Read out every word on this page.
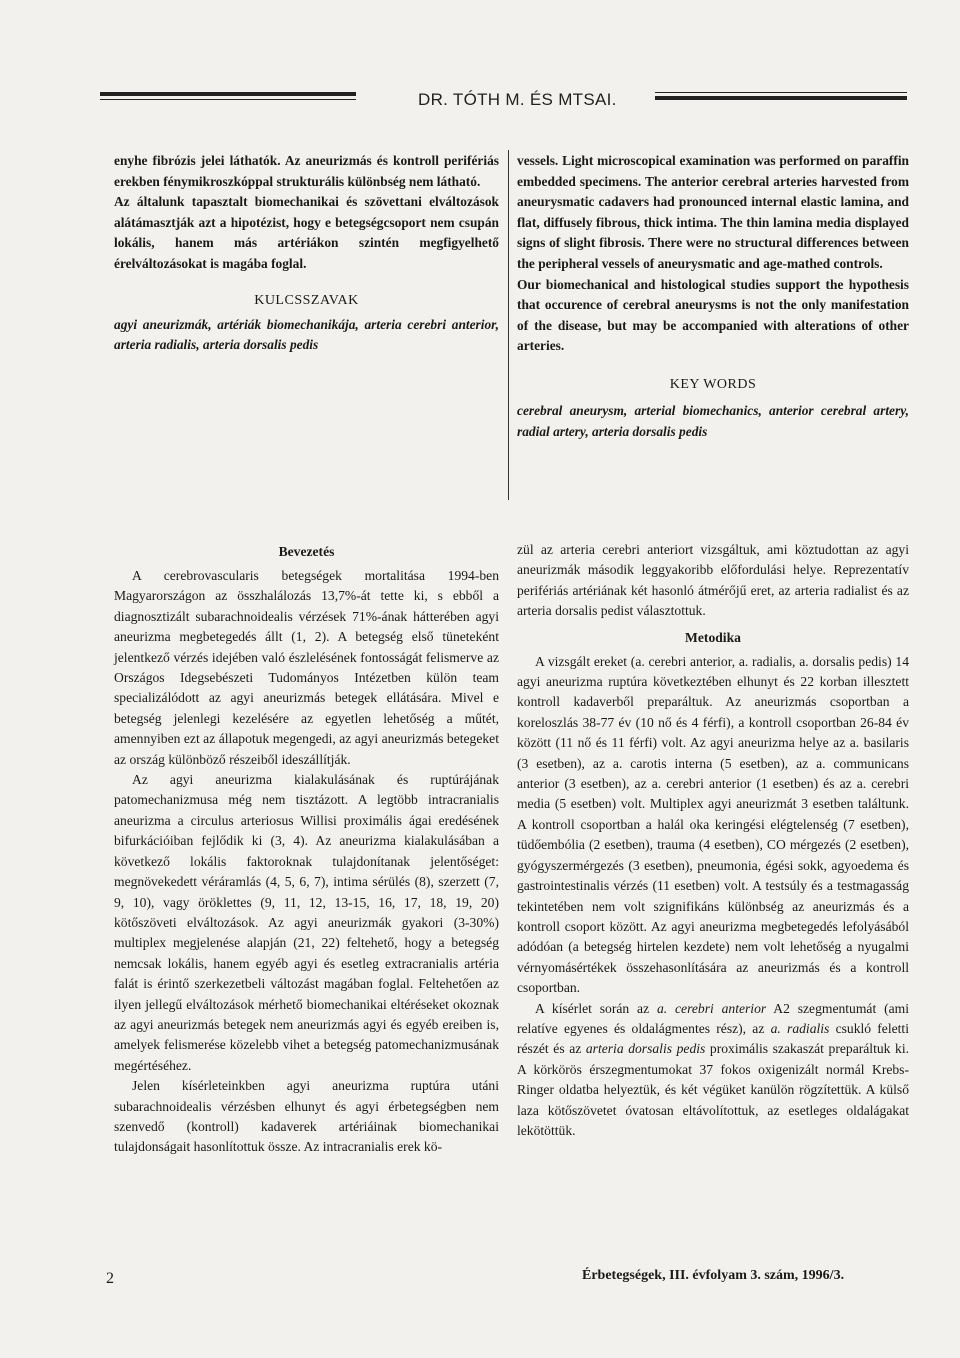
DR. TÓTH M. ÉS MTSAI.

enyhe fibrózis jelei láthatók. Az aneurizmás és kontroll perifériás erekben fénymikroszkóppal strukturális különbség nem látható.

Az általunk tapasztalt biomechanikai és szövettani elváltozások alátámasztják azt a hipotézist, hogy e betegségcsoport nem csupán lokális, hanem más artériákon szintén megfigyelhető érelváltozásokat is magába foglal.

KULCSSZAVAK

agyi aneurizmák, artériák biomechanikája, arteria cerebri anterior, arteria radialis, arteria dorsalis pedis

vessels. Light microscopical examination was performed on paraffin embedded specimens. The anterior cerebral arteries harvested from aneurysmatic cadavers had pronounced internal elastic lamina, and flat, diffusely fibrous, thick intima. The thin lamina media displayed signs of slight fibrosis. There were no structural differences between the peripheral vessels of aneurysmatic and age-mathed controls.

Our biomechanical and histological studies support the hypothesis that occurence of cerebral aneurysms is not the only manifestation of the disease, but may be accompanied with alterations of other arteries.

KEY WORDS

cerebral aneurysm, arterial biomechanics, anterior cerebral artery, radial artery, arteria dorsalis pedis

Bevezetés

A cerebrovascularis betegségek mortalitása 1994-ben Magyarországon az összhalálozás 13,7%-át tette ki, s ebből a diagnosztizált subarachnoidealis vérzések 71%-ának hátterében agyi aneurizma megbetegedés állt (1, 2). A betegség első tüneteként jelentkező vérzés idejében való észlelésének fontosságát felismerve az Országos Idegsebészeti Tudományos Intézetben külön team specializálódott az agyi aneurizmás betegek ellátására. Mivel e betegség jelenlegi kezelésére az egyetlen lehetőség a műtét, amennyiben ezt az állapotuk megengedi, az agyi aneurizmás betegeket az ország különböző részeiből ideszállítják.

Az agyi aneurizma kialakulásának és ruptúrájának patomechanizmusa még nem tisztázott. A legtöbb intracranialis aneurizma a circulus arteriosus Willisi proximális ágai eredésének bifurkációiban fejlődik ki (3, 4). Az aneurizma kialakulásában a következő lokális faktoroknak tulajdonítanak jelentőséget: megnövekedett véráramlás (4, 5, 6, 7), intima sérülés (8), szerzett (7, 9, 10), vagy öröklettes (9, 11, 12, 13-15, 16, 17, 18, 19, 20) kötőszöveti elváltozások. Az agyi aneurizmák gyakori (3-30%) multiplex megjelenése alapján (21, 22) feltehető, hogy a betegség nemcsak lokális, hanem egyéb agyi és esetleg extracranialis artéria falát is érintő szerkezetbeli változást magában foglal. Feltehetően az ilyen jellegű elváltozások mérhető biomechanikai eltéréseket okoznak az agyi aneurizmás betegek nem aneurizmás agyi és egyéb ereiben is, amelyek felismerése közelebb vihet a betegség patomechanizmusának megértéséhez.

Jelen kísérleteinkben agyi aneurizma ruptúra utáni subarachnoidealis vérzésben elhunyt és agyi érbetegségben nem szenvedő (kontroll) kadaverek artériáinak biomechanikai tulajdonságait hasonlítottuk össze. Az intracranialis erek kö-

zül az arteria cerebri anteriort vizsgáltuk, ami köztudottan az agyi aneurizmák második leggyakoribb előfordulási helye. Reprezentatív perifériás artériának két hasonló átmérőjű eret, az arteria radialist és az arteria dorsalis pedist választottuk.

Metodika

A vizsgált ereket (a. cerebri anterior, a. radialis, a. dorsalis pedis) 14 agyi aneurizma ruptúra következtében elhunyt és 22 korban illesztett kontroll kadaverből preparáltuk. Az aneurizmás csoportban a koreloszlás 38-77 év (10 nő és 4 férfi), a kontroll csoportban 26-84 év között (11 nő és 11 férfi) volt. Az agyi aneurizma helye az a. basilaris (3 esetben), az a. carotis interna (5 esetben), az a. communicans anterior (3 esetben), az a. cerebri anterior (1 esetben) és az a. cerebri media (5 esetben) volt. Multiplex agyi aneurizmát 3 esetben találtunk. A kontroll csoportban a halál oka keringési elégtelenség (7 esetben), tüdőembólia (2 esetben), trauma (4 esetben), CO mérgezés (2 esetben), gyógyszermérgezés (3 esetben), pneumonia, égési sokk, agyoedema és gastrointestinalis vérzés (11 esetben) volt. A testsúly és a testmagasság tekintetében nem volt szignifikáns különbség az aneurizmás és a kontroll csoport között. Az agyi aneurizma megbetegedés lefolyásából adódóan (a betegség hirtelen kezdete) nem volt lehetőség a nyugalmi vérnyomásértékek összehasonlítására az aneurizmás és a kontroll csoportban.

A kísérlet során az a. cerebri anterior A2 szegmentumát (ami relatíve egyenes és oldalágmentes rész), az a. radialis csukló feletti részét és az arteria dorsalis pedis proximális szakaszát preparáltuk ki. A körkörös érszegmentumokat 37 fokos oxigenizált normál Krebs-Ringer oldatba helyeztük, és két végüket kanülön rögzítettük. A külső laza kötőszövetet óvatosan eltávolítottuk, az esetleges oldalágakat lekötöttük.

2	Érbetegségek, III. évfolyam 3. szám, 1996/3.
